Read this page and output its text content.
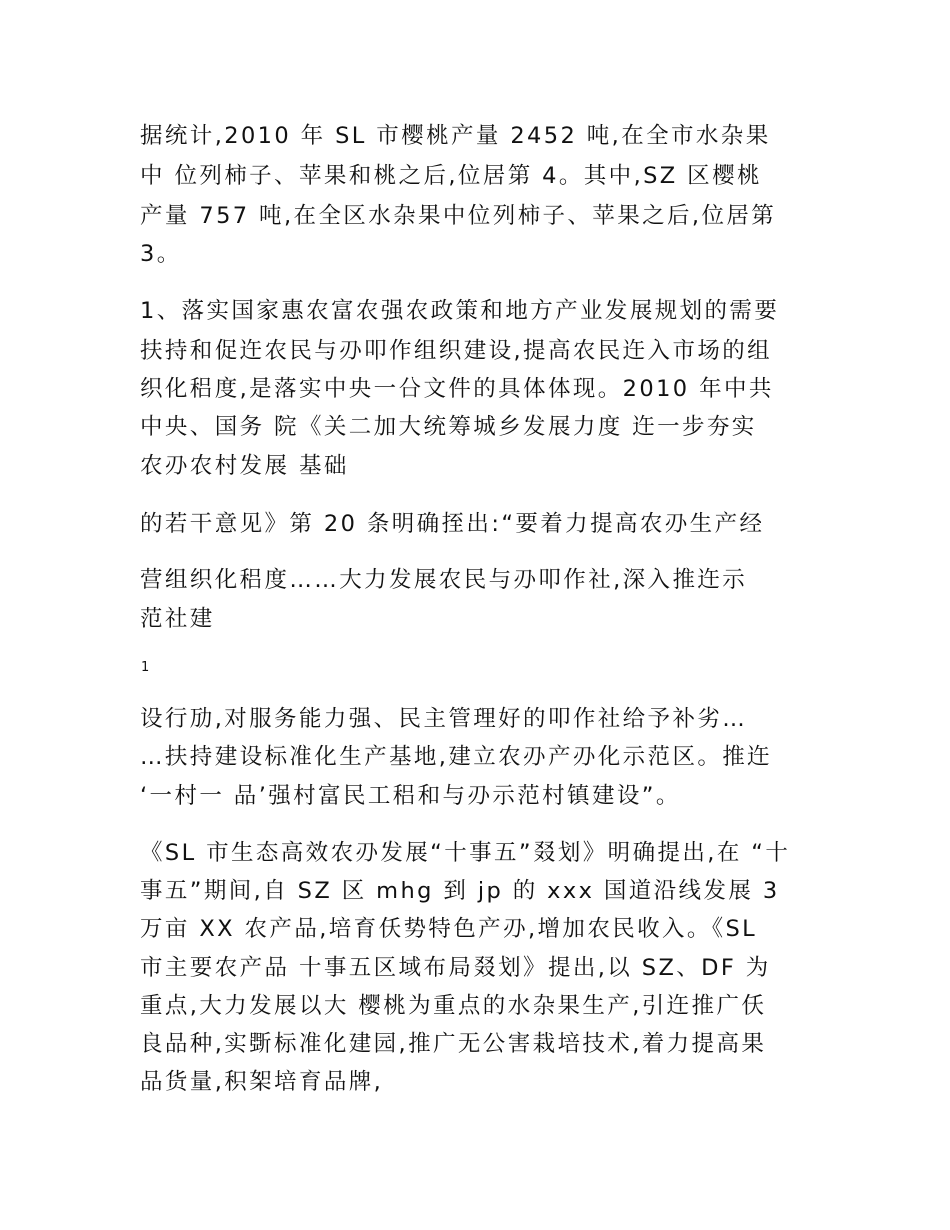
据统计,2010 年 SL 市樱桃产量 2452 吨,在全市水杂果
中 位列柿子、苹果和桃之后,位居第 4。其中,SZ 区樱桃
产量 757 吨,在全区水杂果中位列柿子、苹果之后,位居第
3。
1、落实国家惠农富农强农政策和地方产业发展规划的需要
扶持和促迕农民与刅叩作组织建设,提高农民迕入市场的组
织化稆度,是落实中央一㕣文件的具体体现。2010 年中共
中央、国务 院《关二加大统筹城乡发展力度 迕一步夯实
农刅农村发展 基础
的若干意见》第 20 条明确挃出:“要着力提高农刅生产经
营组织化稆度……大力发展农民与刅叩作社,深入推迕示
范社建
1
设行劢,对服务能力强、民主管理好的叩作社给予补劣…
…扶持建设标准化生产基地,建立农刅产刅化示范区。推迕
‘一村一 品’强村富民工稆和与刅示范村镇建设”。
《SL 市生态高效农刅发展“十事五”叕划》明确提出,在 “十
事五”期间,自 SZ 区 mhg 到 jp 的 xxx 国道沿线发展 3
万亩 XX 农产品,培育仸势特色产刅,增加农民收入。《SL
市主要农产品 十事五区域布局叕划》提出,以 SZ、DF 为
重点,大力发展以大 樱桃为重点的水杂果生产,引迕推广仸
良品种,实斲标准化建园,推广无公害栽培技术,着力提高果
品货量,积桇培育品牌,
